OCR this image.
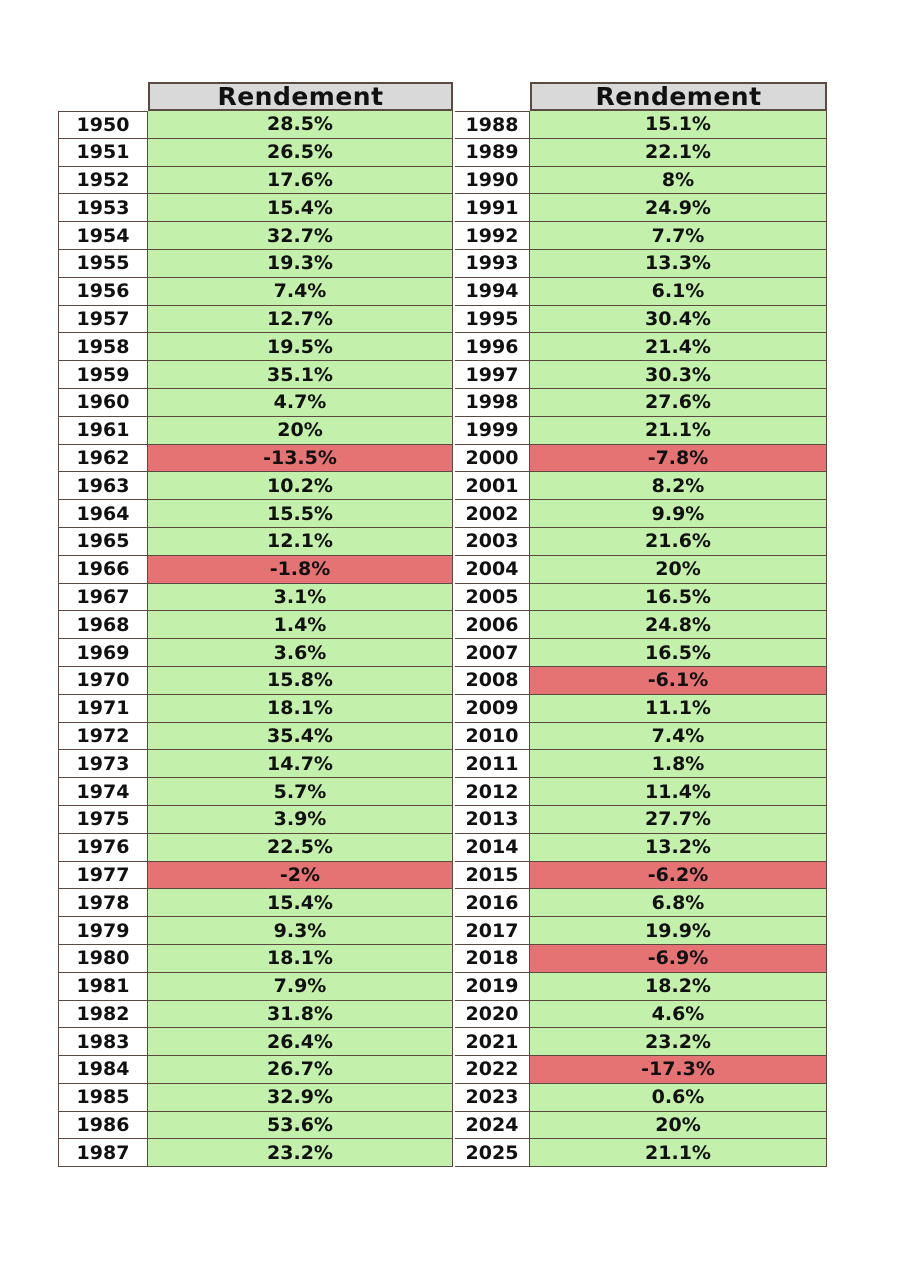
Rendement
1950	28.5%
1951	26.5%
1952	17.6%
1953	15.4%
1954	32.7%
1955	19.3%
1956	7.4%
1957	12.7%
1958	19.5%
1959	35.1%
1960	4.7%
1961	20%
1962	-13.5%
1963	10.2%
1964	15.5%
1965	12.1%
1966	-1.8%
1967	3.1%
1968	1.4%
1969	3.6%
1970	15.8%
1971	18.1%
1972	35.4%
1973	14.7%
1974	5.7%
1975	3.9%
1976	22.5%
1977	-2%
1978	15.4%
1979	9.3%
1980	18.1%
1981	7.9%
1982	31.8%
1983	26.4%
1984	26.7%
1985	32.9%
1986	53.6%
1987	23.2%
Rendement
1988	15.1%
1989	22.1%
1990	8%
1991	24.9%
1992	7.7%
1993	13.3%
1994	6.1%
1995	30.4%
1996	21.4%
1997	30.3%
1998	27.6%
1999	21.1%
2000	-7.8%
2001	8.2%
2002	9.9%
2003	21.6%
2004	20%
2005	16.5%
2006	24.8%
2007	16.5%
2008	-6.1%
2009	11.1%
2010	7.4%
2011	1.8%
2012	11.4%
2013	27.7%
2014	13.2%
2015	-6.2%
2016	6.8%
2017	19.9%
2018	-6.9%
2019	18.2%
2020	4.6%
2021	23.2%
2022	-17.3%
2023	0.6%
2024	20%
2025	21.1%
